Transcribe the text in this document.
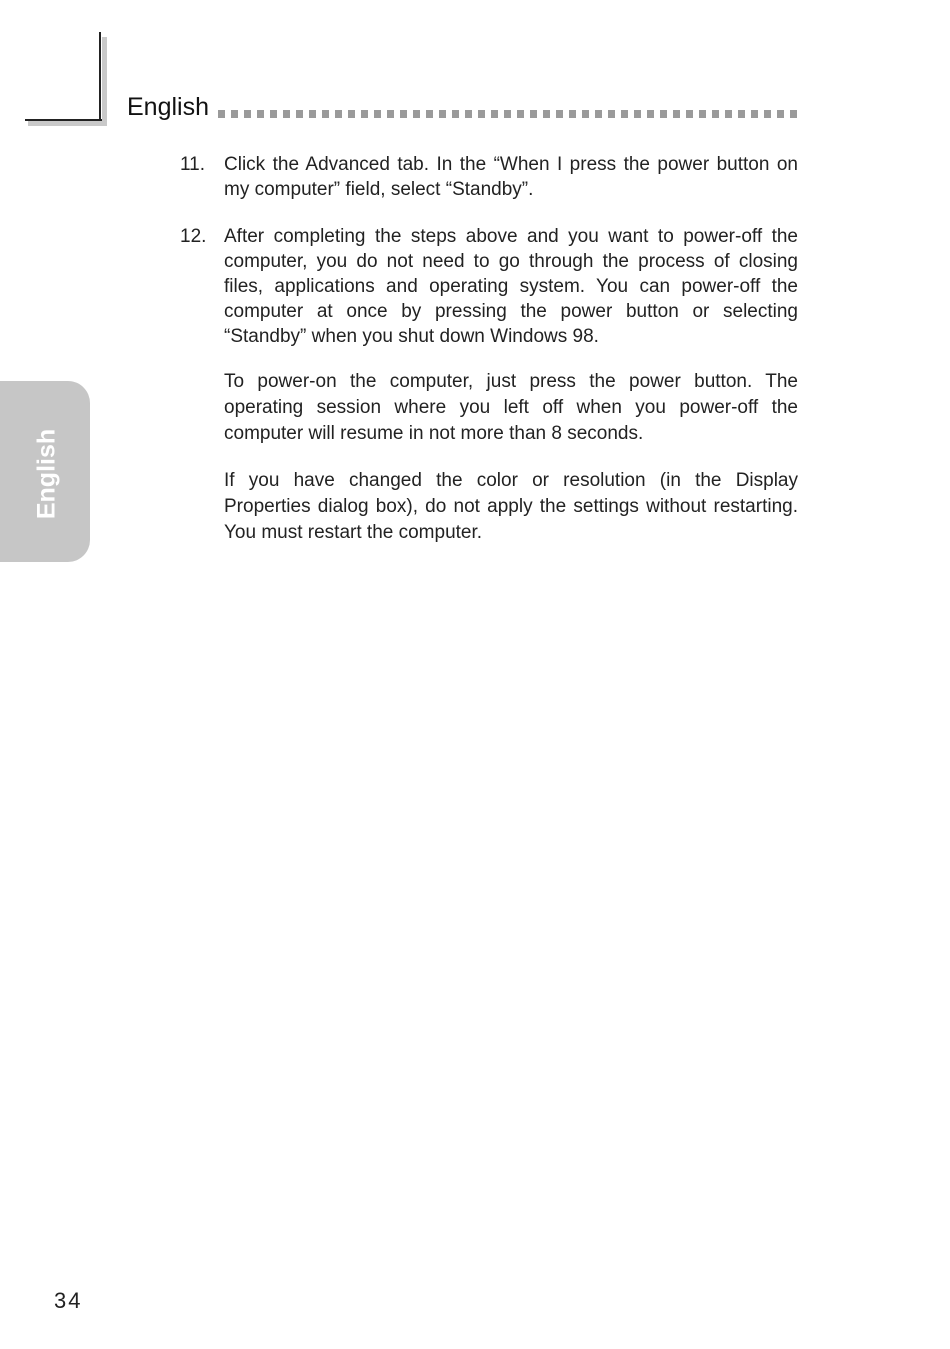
English
English
11. Click the Advanced tab. In the “When I press the power button on my computer” field, select “Standby”.
12. After completing the steps above and you want to power-off the computer, you do not need to go through the process of closing files, applications and operating system. You can power-off the computer at once by pressing the power button or selecting “Standby” when you shut down Windows 98.
To power-on the computer, just press the power button. The operating session where you left off when you power-off the computer will resume in not more than 8 seconds.
If you have changed the color or resolution (in the Display Properties dialog box), do not apply the settings without restarting. You must restart the computer.
34
